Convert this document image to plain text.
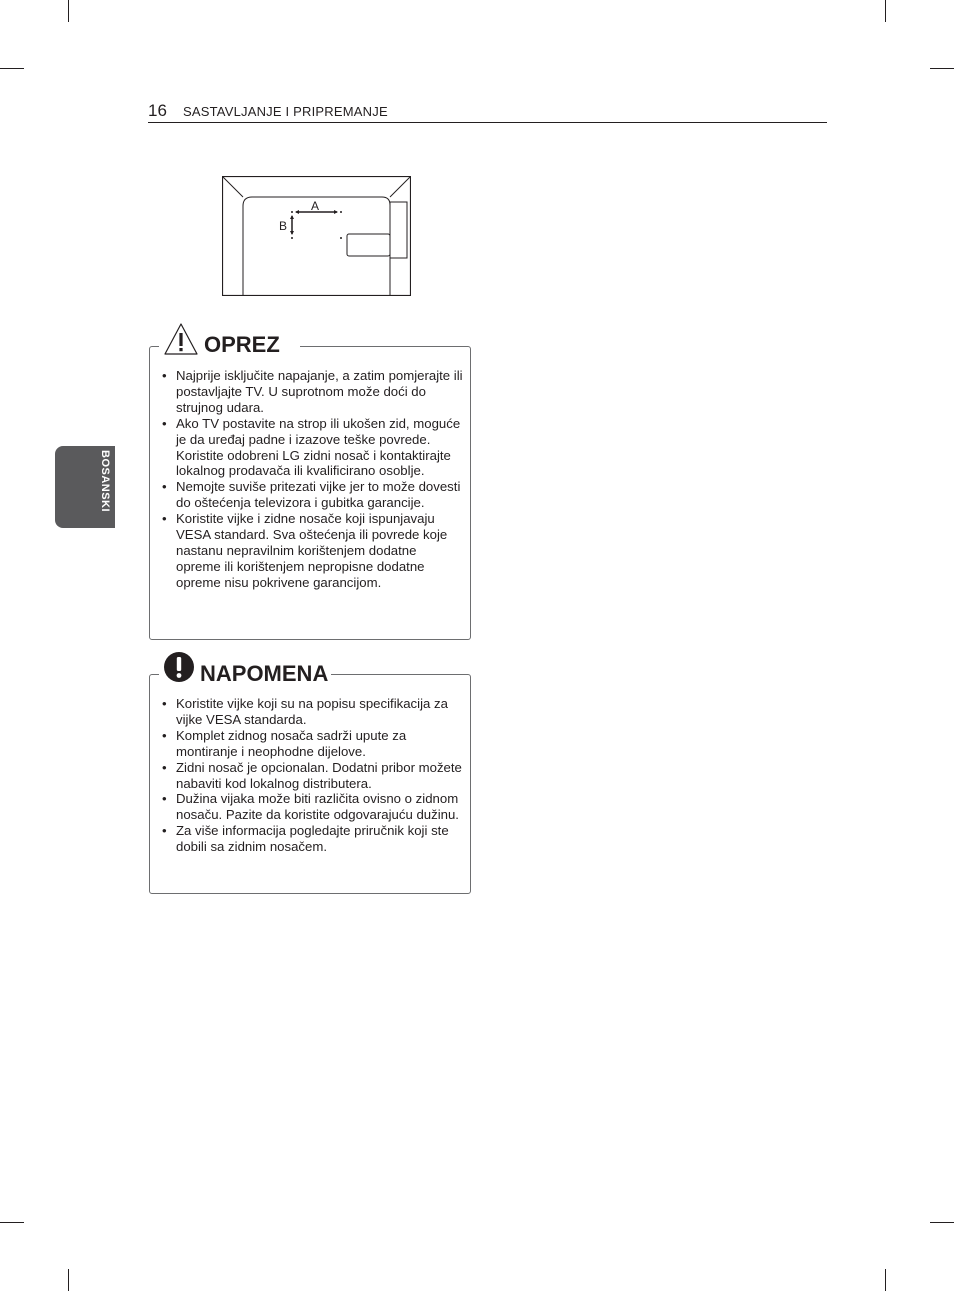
16 SASTAVLJANJE I PRIPREMANJE
BOSANSKI
A
B
• Najprije isključite napajanje, a zatim pomjerajte ili postavljajte TV. U suprotnom može doći do strujnog udara.
• Ako TV postavite na strop ili ukošen zid, moguće je da uređaj padne i izazove teške povrede.
Koristite odobreni LG zidni nosač i kontaktirajte lokalnog prodavača ili kvalificirano osoblje.
• Nemojte suviše pritezati vijke jer to može dovesti do oštećenja televizora i gubitka garancije.
• Koristite vijke i zidne nosače koji ispunjavaju VESA standard. Sva oštećenja ili povrede koje nastanu nepravilnim korištenjem dodatne opreme ili korištenjem nepropisne dodatne opreme nisu pokrivene garancijom.
OPREZ
• Koristite vijke koji su na popisu specifikacija za vijke VESA standarda.
• Komplet zidnog nosača sadrži upute za montiranje i neophodne dijelove.
• Zidni nosač je opcionalan. Dodatni pribor možete nabaviti kod lokalnog distributera.
• Dužina vijaka može biti različita ovisno o zidnom nosaču. Pazite da koristite odgovarajuću dužinu.
• Za više informacija pogledajte priručnik koji ste dobili sa zidnim nosačem.
NAPOMENA
